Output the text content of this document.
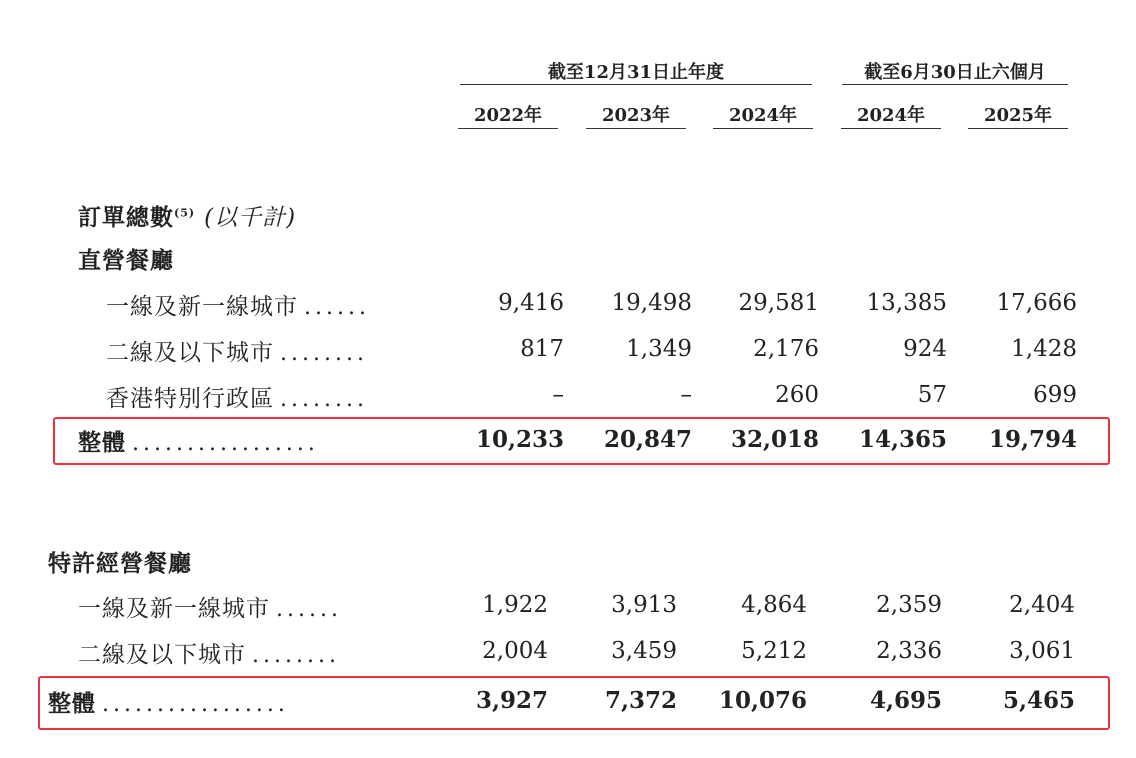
截至12月31日止年度	截至6月30日止六個月
2022年	2023年	2024年	2024年	2025年
訂單總數$^{(5)}$ (以千計)
直營餐廳
一線及新一線城市 ......	9,416	19,498	29,581	13,385	17,666
二線及以下城市 ........	817	1,349	2,176	924	1,428
香港特別行政區 ........	–	–	260	57	699
整體 .................	10,233	20,847	32,018	14,365	19,794
特許經營餐廳
一線及新一線城市 ......	1,922	3,913	4,864	2,359	2,404
二線及以下城市 ........	2,004	3,459	5,212	2,336	3,061
整體 .................	3,927	7,372	10,076	4,695	5,465
